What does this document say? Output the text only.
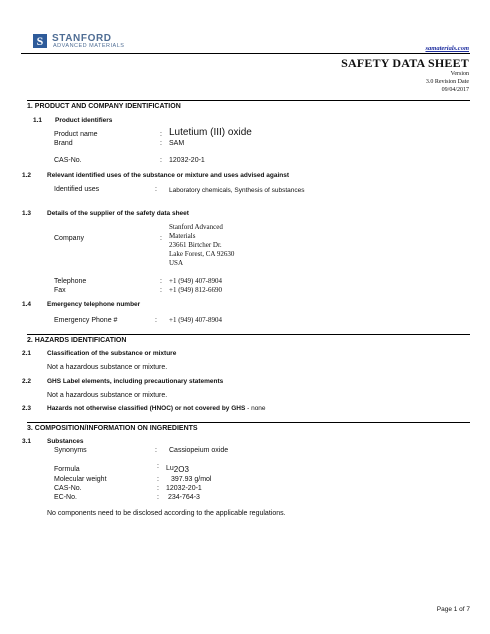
S STANFORD
ADVANCED MATERIALS	samaterials.com
SAFETY DATA SHEET
Version
3.0 Revision Date
09/04/2017
1. PRODUCT AND COMPANY IDENTIFICATION
1.1 Product identifiers
Product name	: Lutetium (III) oxide
Brand	: SAM
CAS-No.	: 12032-20-1
1.2 Relevant identified uses of the substance or mixture and uses advised against
Identified uses	: Laboratory chemicals, Synthesis of substances
1.3 Details of the supplier of the safety data sheet
Company	:
Stanford Advanced
Materials
23661 Birtcher Dr.
Lake Forest, CA 92630
USA
Telephone	: +1 (949) 407-8904
Fax	: +1 (949) 812-6690
1.4 Emergency telephone number
Emergency Phone #	: +1 (949) 407-8904
2. HAZARDS IDENTIFICATION
2.1 Classification of the substance or mixture
Not a hazardous substance or mixture.
2.2 GHS Label elements, including precautionary statements
Not a hazardous substance or mixture.
2.3 Hazards not otherwise classified (HNOC) or not covered by GHS - none
3. COMPOSITION/INFORMATION ON INGREDIENTS
3.1 Substances
Synonyms	: Cassiopeium oxide
Formula	: Lu2O3
Molecular weight	: 397.93 g/mol
CAS-No.	: 12032-20-1
EC-No.	: 234-764-3
No components need to be disclosed according to the applicable regulations.
Page 1 of 7
